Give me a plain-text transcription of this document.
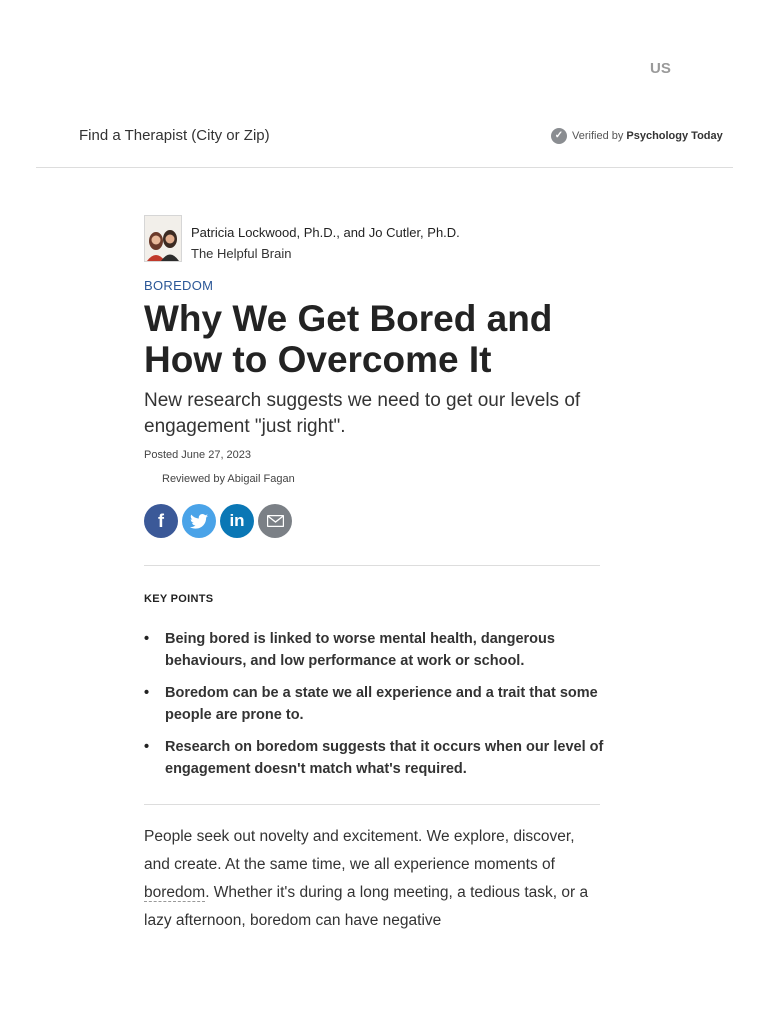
US
Find a Therapist (City or Zip)	✓ Verified by Psychology Today
Patricia Lockwood, Ph.D., and Jo Cutler, Ph.D.
The Helpful Brain
BOREDOM
Why We Get Bored and How to Overcome It

New research suggests we need to get our levels of engagement "just right".

Posted June 27, 2023
Reviewed by Abigail Fagan
f	in
KEY POINTS
• Being bored is linked to worse mental health, dangerous behaviours, and low performance at work or school.
• Boredom can be a state we all experience and a trait that some people are prone to.
• Research on boredom suggests that it occurs when our level of engagement doesn't match what's required.

People seek out novelty and excitement. We explore, discover, and create. At the same time, we all experience moments of boredom. Whether it's during a long meeting, a tedious task, or a lazy afternoon, boredom can have negative
